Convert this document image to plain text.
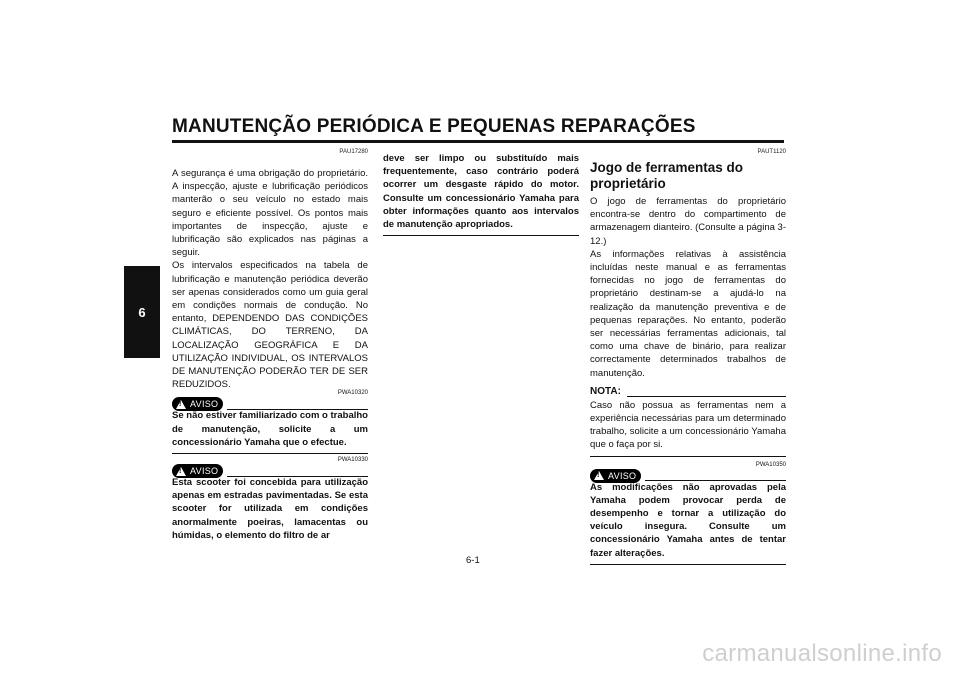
MANUTENÇÃO PERIÓDICA E PEQUENAS REPARAÇÕES
6
PAU17280

A segurança é uma obrigação do proprietário. A inspecção, ajuste e lubrificação periódicos manterão o seu veículo no estado mais seguro e eficiente possível. Os pontos mais importantes de inspecção, ajuste e lubrificação são explicados nas páginas a seguir.

Os intervalos especificados na tabela de lubrificação e manutenção periódica deverão ser apenas considerados como um guia geral em condições normais de condução. No entanto, DEPENDENDO DAS CONDIÇÕES CLIMÁTICAS, DO TERRENO, DA LOCALIZAÇÃO GEOGRÁFICA E DA UTILIZAÇÃO INDIVIDUAL, OS INTERVALOS DE MANUTENÇÃO PODERÃO TER DE SER REDUZIDOS.

!
AVISO
PWA10320

Se não estiver familiarizado com o trabalho de manutenção, solicite a um concessionário Yamaha que o efectue.

!
AVISO
PWA10330

Esta scooter foi concebida para utilização apenas em estradas pavimentadas. Se esta scooter for utilizada em condições anormalmente poeiras, lamacentas ou húmidas, o elemento do filtro de ar

deve ser limpo ou substituído mais frequentemente, caso contrário poderá ocorrer um desgaste rápido do motor. Consulte um concessionário Yamaha para obter informações quanto aos intervalos de manutenção apropriados.

PAUT1120
Jogo de ferramentas do proprietário

O jogo de ferramentas do proprietário encontra-se dentro do compartimento de armazenagem dianteiro. (Consulte a página 3-12.)

As informações relativas à assistência incluídas neste manual e as ferramentas fornecidas no jogo de ferramentas do proprietário destinam-se a ajudá-lo na realização da manutenção preventiva e de pequenas reparações. No entanto, poderão ser necessárias ferramentas adicionais, tal como uma chave de binário, para realizar correctamente determinados trabalhos de manutenção.

NOTA:

Caso não possua as ferramentas nem a experiência necessárias para um determinado trabalho, solicite a um concessionário Yamaha que o faça por si.

!
AVISO
PWA10350

As modificações não aprovadas pela Yamaha podem provocar perda de desempenho e tornar a utilização do veículo insegura. Consulte um concessionário Yamaha antes de tentar fazer alterações.

6-1
carmanualsonline.info
